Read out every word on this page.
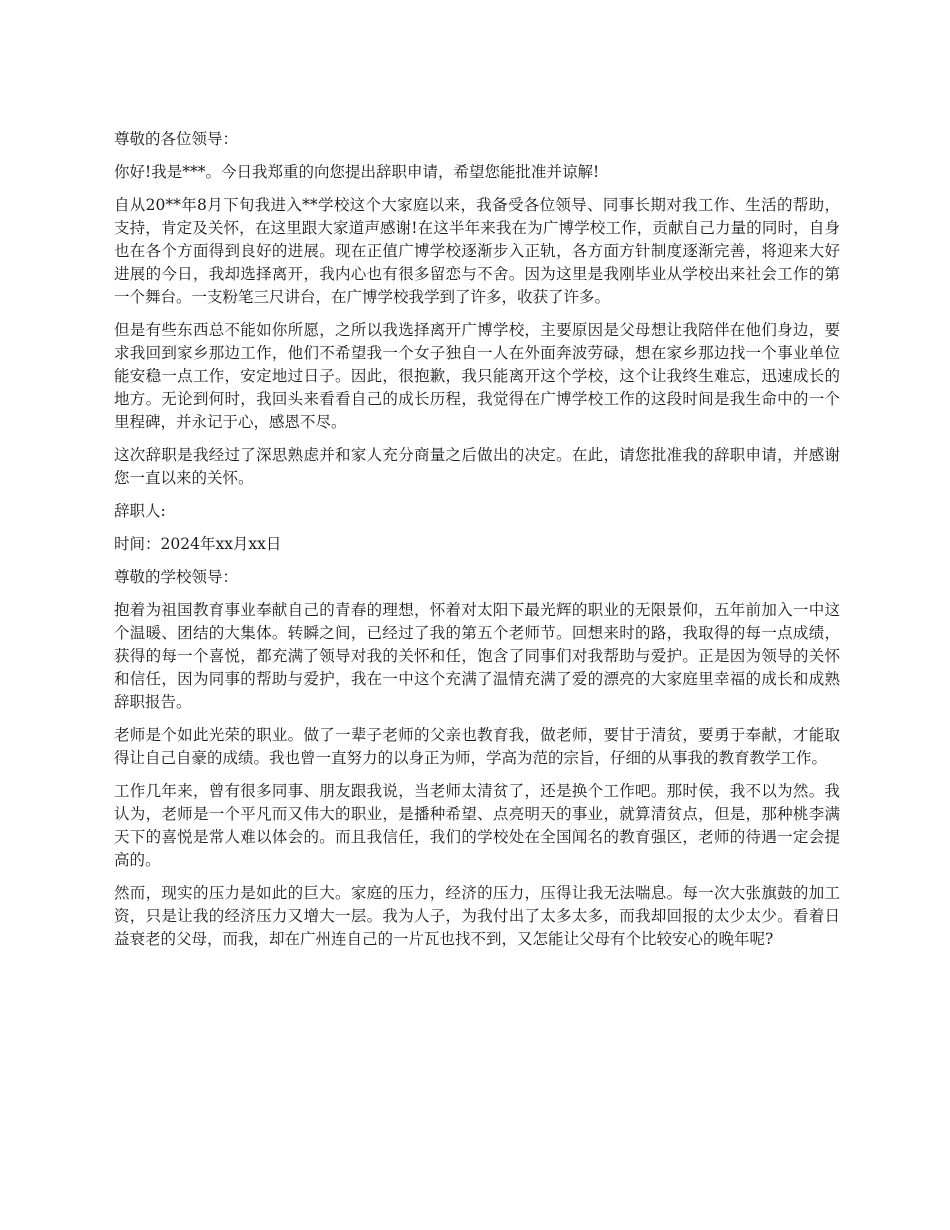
尊敬的各位领导：

你好!我是***。今日我郑重的向您提出辞职申请，希望您能批准并谅解!

自从20**年8月下旬我进入**学校这个大家庭以来，我备受各位领导、同事长期对我工作、生活的帮助，支持，肯定及关怀，在这里跟大家道声感谢!在这半年来我在为广博学校工作，贡献自己力量的同时，自身也在各个方面得到良好的进展。现在正值广博学校逐渐步入正轨，各方面方针制度逐渐完善，将迎来大好进展的今日，我却选择离开，我内心也有很多留恋与不舍。因为这里是我刚毕业从学校出来社会工作的第一个舞台。一支粉笔三尺讲台，在广博学校我学到了许多，收获了许多。

但是有些东西总不能如你所愿，之所以我选择离开广博学校，主要原因是父母想让我陪伴在他们身边，要求我回到家乡那边工作，他们不希望我一个女子独自一人在外面奔波劳碌，想在家乡那边找一个事业单位能安稳一点工作，安定地过日子。因此，很抱歉，我只能离开这个学校，这个让我终生难忘，迅速成长的地方。无论到何时，我回头来看看自己的成长历程，我觉得在广博学校工作的这段时间是我生命中的一个里程碑，并永记于心，感恩不尽。

这次辞职是我经过了深思熟虑并和家人充分商量之后做出的决定。在此，请您批准我的辞职申请，并感谢您一直以来的关怀。

辞职人:

时间：2024年xx月xx日

尊敬的学校领导：

抱着为祖国教育事业奉献自己的青春的理想，怀着对太阳下最光辉的职业的无限景仰，五年前加入一中这个温暖、团结的大集体。转瞬之间，已经过了我的第五个老师节。回想来时的路，我取得的每一点成绩，获得的每一个喜悦，都充满了领导对我的关怀和任，饱含了同事们对我帮助与爱护。正是因为领导的关怀和信任，因为同事的帮助与爱护，我在一中这个充满了温情充满了爱的漂亮的大家庭里幸福的成长和成熟辞职报告。

老师是个如此光荣的职业。做了一辈子老师的父亲也教育我，做老师，要甘于清贫，要勇于奉献，才能取得让自己自豪的成绩。我也曾一直努力的以身正为师，学高为范的宗旨，仔细的从事我的教育教学工作。

工作几年来，曾有很多同事、朋友跟我说，当老师太清贫了，还是换个工作吧。那时侯，我不以为然。我认为，老师是一个平凡而又伟大的职业，是播种希望、点亮明天的事业，就算清贫点，但是，那种桃李满天下的喜悦是常人难以体会的。而且我信任，我们的学校处在全国闻名的教育强区，老师的待遇一定会提高的。

然而，现实的压力是如此的巨大。家庭的压力，经济的压力，压得让我无法喘息。每一次大张旗鼓的加工资，只是让我的经济压力又增大一层。我为人子，为我付出了太多太多，而我却回报的太少太少。看着日益衰老的父母，而我，却在广州连自己的一片瓦也找不到，又怎能让父母有个比较安心的晚年呢?
